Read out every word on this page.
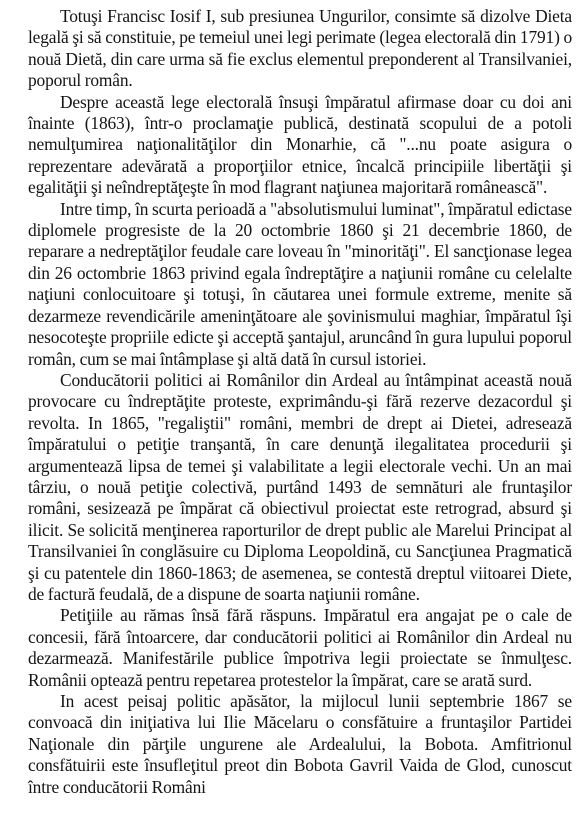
Totuşi Francisc Iosif I, sub presiunea Ungurilor, consimte să dizolve Dieta legală şi să constituie, pe temeiul unei legi perimate (legea electorală din 1791) o nouă Dietă, din care urma să fie exclus elementul preponderent al Transilvaniei, poporul român.

Despre această lege electorală însuşi împăratul afirmase doar cu doi ani înainte (1863), într-o proclamaţie publică, destinată scopului de a potoli nemulţumirea naţionalităţilor din Monarhie, că "...nu poate asigura o reprezentare adevărată a proporţiilor etnice, încalcă principiile libertăţii şi egalităţii şi neîndreptăţeşte în mod flagrant naţiunea majoritară românească".

Intre timp, în scurta perioadă a "absolutismului luminat", împăratul edictase diplomele progresiste de la 20 octombrie 1860 şi 21 decembrie 1860, de reparare a nedreptăţilor feudale care loveau în "minorităţi". El sancţionase legea din 26 octombrie 1863 privind egala îndreptăţire a naţiunii române cu celelalte naţiuni conlocuitoare şi totuşi, în căutarea unei formule extreme, menite să dezarmeze revendicările ameninţătoare ale şovinismului maghiar, împăratul îşi nesocoteşte propriile edicte şi acceptă şantajul, aruncând în gura lupului poporul român, cum se mai întâmplase şi altă dată în cursul istoriei.

Conducătorii politici ai Românilor din Ardeal au întâmpinat această nouă provocare cu îndreptăţite proteste, exprimându-şi fără rezerve dezacordul şi revolta. In 1865, "regaliştii" români, membri de drept ai Dietei, adresează împăratului o petiţie tranşantă, în care denunţă ilegalitatea procedurii şi argumentează lipsa de temei şi valabilitate a legii electorale vechi. Un an mai târziu, o nouă petiţie colectivă, purtând 1493 de semnături ale fruntaşilor români, sesizează pe împărat că obiectivul proiectat este retrograd, absurd şi ilicit. Se solicită menţinerea raporturilor de drept public ale Marelui Principat al Transilvaniei în conglăsuire cu Diploma Leopoldină, cu Sancţiunea Pragmatică şi cu patentele din 1860-1863; de asemenea, se contestă dreptul viitoarei Diete, de factură feudală, de a dispune de soarta naţiunii române.

Petiţiile au rămas însă fără răspuns. Impăratul era angajat pe o cale de concesii, fără întoarcere, dar conducătorii politici ai Românilor din Ardeal nu dezarmează. Manifestările publice împotriva legii proiectate se înmulţesc. Românii optează pentru repetarea protestelor la împărat, care se arată surd.

In acest peisaj politic apăsător, la mijlocul lunii septembrie 1867 se convoacă din iniţiativa lui Ilie Măcelaru o consfătuire a fruntaşilor Partidei Naţionale din părţile ungurene ale Ardealului, la Bobota. Amfitrionul consfătuirii este însufleţitul preot din Bobota Gavril Vaida de Glod, cunoscut între conducătorii Români
